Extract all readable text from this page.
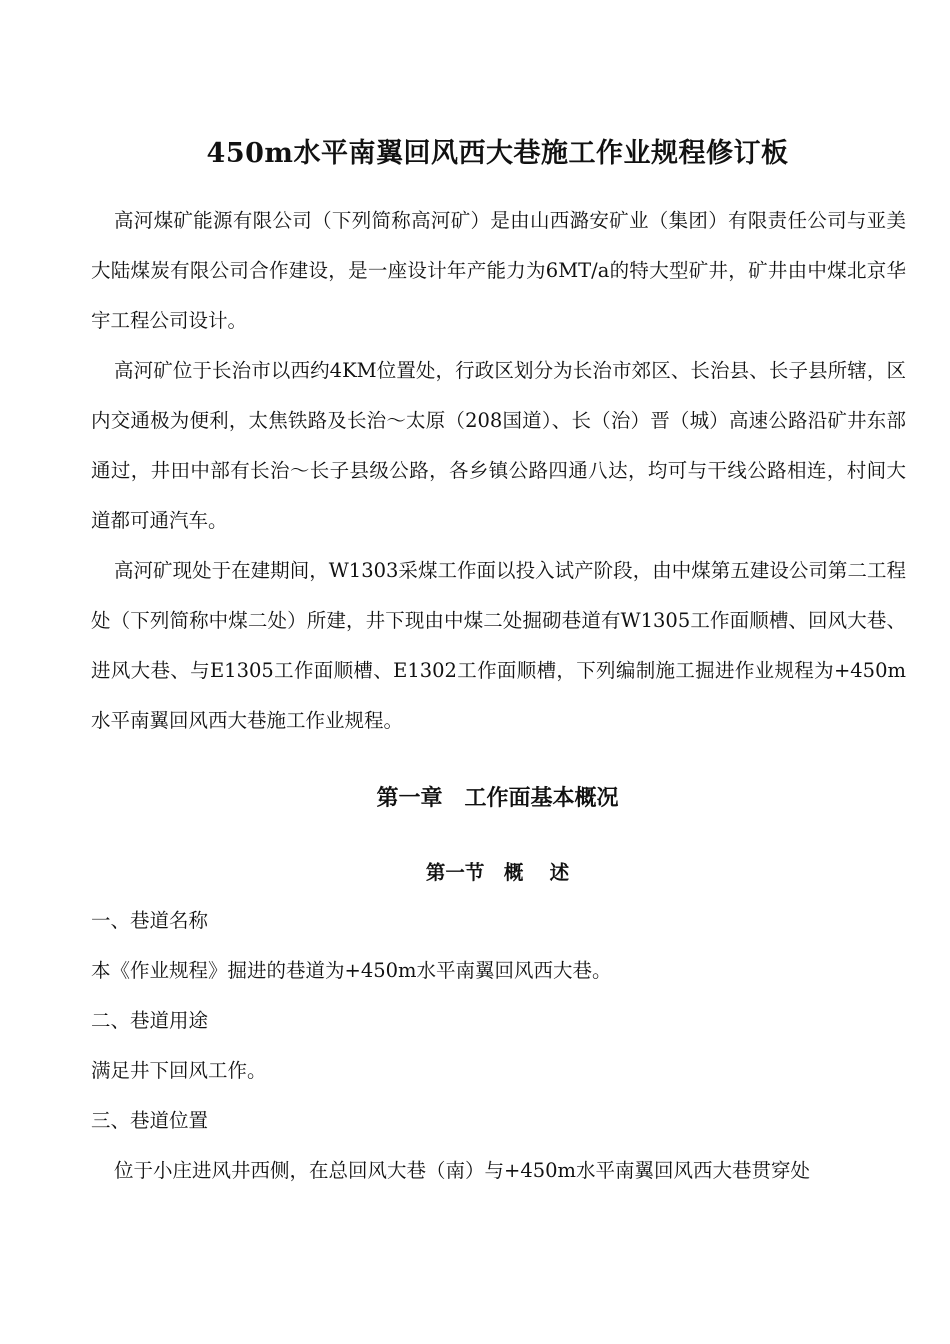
450m水平南翼回风西大巷施工作业规程修订板

高河煤矿能源有限公司（下列简称高河矿）是由山西潞安矿业（集团）有限责任公司与亚美大陆煤炭有限公司合作建设，是一座设计年产能力为6MT/a的特大型矿井，矿井由中煤北京华宇工程公司设计。

高河矿位于长治市以西约4KM位置处，行政区划分为长治市郊区、长治县、长子县所辖，区内交通极为便利，太焦铁路及长治～太原（208国道）、长（治）晋（城）高速公路沿矿井东部通过，井田中部有长治～长子县级公路，各乡镇公路四通八达，均可与干线公路相连，村间大道都可通汽车。

高河矿现处于在建期间，W1303采煤工作面以投入试产阶段，由中煤第五建设公司第二工程处（下列简称中煤二处）所建，井下现由中煤二处掘砌巷道有W1305工作面顺槽、回风大巷、进风大巷、与E1305工作面顺槽、E1302工作面顺槽，下列编制施工掘进作业规程为+450m水平南翼回风西大巷施工作业规程。

第一章　工作面基本概况
第一节　概　 述
一、巷道名称
本《作业规程》掘进的巷道为+450m水平南翼回风西大巷。
二、巷道用途
满足井下回风工作。
三、巷道位置
位于小庄进风井西侧，在总回风大巷（南）与+450m水平南翼回风西大巷贯穿处
